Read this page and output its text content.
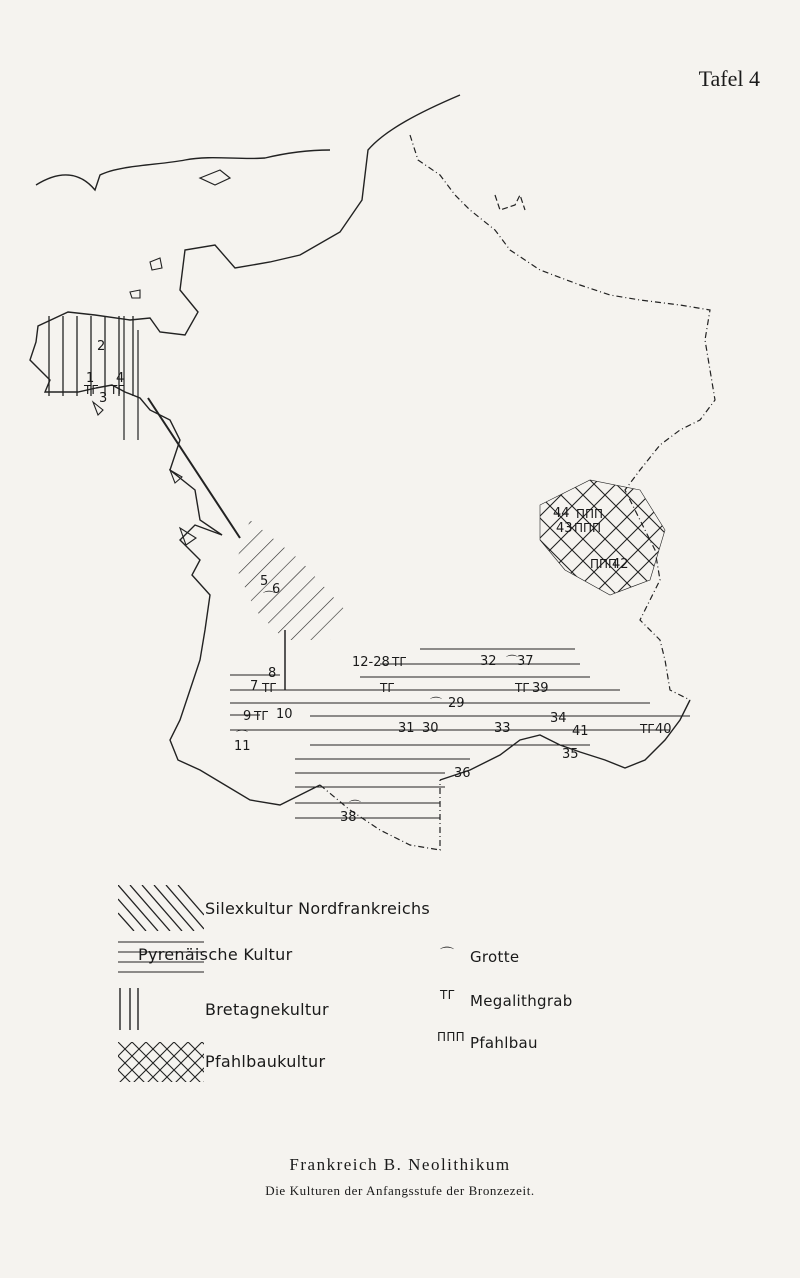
Tafel 4
1
2
3
4
5
6
7
8
9 10
11
12-28
29
30
31
32
33
34
35
36
37
38
39
40
41
42
43
44
ΤΓ ΤΓ
⌒
ΤΓ
ΤΓ
⌒
ΤΓ
ΤΓ
⌒
⌒
ΤΓ
ΤΓ
⌒
ΠΠΠ
ΠΠΠ
ΠΠΠ
Silexkultur Nordfrankreichs
Pyrenäische Kultur
Bretagnekultur
Pfahlbaukultur
⌒ Grotte
ΤΓ Megalithgrab
ΠΠΠ Pfahlbau
Frankreich B. Neolithikum
Die Kulturen der Anfangsstufe der Bronzezeit.
